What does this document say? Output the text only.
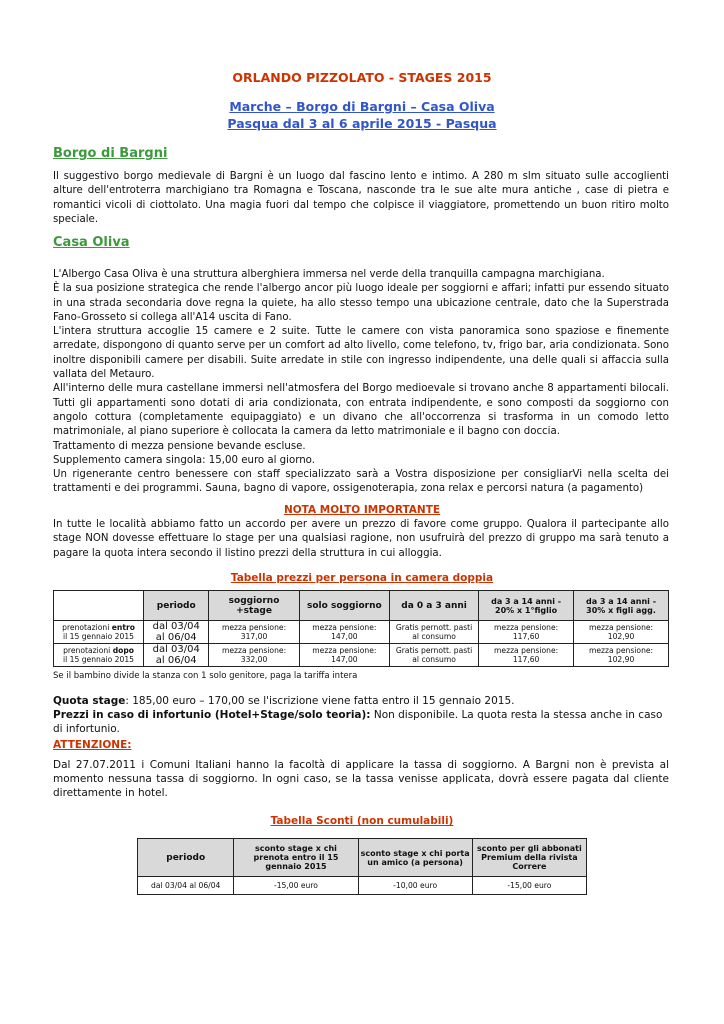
ORLANDO PIZZOLATO - STAGES 2015
Marche – Borgo di Bargni – Casa Oliva
Pasqua dal 3 al 6 aprile 2015 - Pasqua
Borgo di Bargni

Il suggestivo borgo medievale di Bargni è un luogo dal fascino lento e intimo. A 280 m slm situato sulle accoglienti alture dell'entroterra marchigiano tra Romagna e Toscana, nasconde tra le sue alte mura antiche , case di pietra e romantici vicoli di ciottolato. Una magia fuori dal tempo che colpisce il viaggiatore, promettendo un buon ritiro molto speciale.

Casa Oliva

L'Albergo Casa Oliva è una struttura alberghiera immersa nel verde della tranquilla campagna marchigiana.

È la sua posizione strategica che rende l'albergo ancor più luogo ideale per soggiorni e affari; infatti pur essendo situato in una strada secondaria dove regna la quiete, ha allo stesso tempo una ubicazione centrale, dato che la Superstrada Fano-Grosseto si collega all'A14 uscita di Fano.

L'intera struttura accoglie 15 camere e 2 suite. Tutte le camere con vista panoramica sono spaziose e finemente arredate, dispongono di quanto serve per un comfort ad alto livello, come telefono, tv, frigo bar, aria condizionata. Sono inoltre disponibili camere per disabili. Suite arredate in stile con ingresso indipendente, una delle quali si affaccia sulla vallata del Metauro.

All'interno delle mura castellane immersi nell'atmosfera del Borgo medioevale si trovano anche 8 appartamenti bilocali. Tutti gli appartamenti sono dotati di aria condizionata, con entrata indipendente, e sono composti da soggiorno con angolo cottura (completamente equipaggiato) e un divano che all'occorrenza si trasforma in un comodo letto matrimoniale, al piano superiore è collocata la camera da letto matrimoniale e il bagno con doccia.

Trattamento di mezza pensione bevande escluse.

Supplemento camera singola: 15,00 euro al giorno.

Un rigenerante centro benessere con staff specializzato sarà a Vostra disposizione per consigliarVi nella scelta dei trattamenti e dei programmi. Sauna, bagno di vapore, ossigenoterapia, zona relax e percorsi natura (a pagamento)

NOTA MOLTO IMPORTANTE

In tutte le località abbiamo fatto un accordo per avere un prezzo di favore come gruppo. Qualora il partecipante allo stage NON dovesse effettuare lo stage per una qualsiasi ragione, non usufruirà del prezzo di gruppo ma sarà tenuto a pagare la quota intera secondo il listino prezzi della struttura in cui alloggia.

Tabella prezzi per persona in camera doppia
	periodo	soggiorno +stage	solo soggiorno	da 0 a 3 anni	da 3 a 14 anni - 20% x 1°figlio	da 3 a 14 anni - 30% x figli agg.
prenotazioni entro
il 15 gennaio 2015	dal 03/04
al 06/04	mezza pensione: 317,00	mezza pensione: 147,00	Gratis pernott. pasti al consumo	mezza pensione: 117,60	mezza pensione: 102,90
prenotazioni dopo
il 15 gennaio 2015	dal 03/04
al 06/04	mezza pensione: 332,00	mezza pensione: 147,00	Gratis pernott. pasti al consumo	mezza pensione: 117,60	mezza pensione: 102,90
Se il bambino divide la stanza con 1 solo genitore, paga la tariffa intera
Quota stage: 185,00 euro – 170,00 se l'iscrizione viene fatta entro il 15 gennaio 2015.
Prezzi in caso di infortunio (Hotel+Stage/solo teoria): Non disponibile. La quota resta la stessa anche in caso di infortunio.
ATTENZIONE:

Dal 27.07.2011 i Comuni Italiani hanno la facoltà di applicare la tassa di soggiorno. A Bargni non è prevista al momento nessuna tassa di soggiorno. In ogni caso, se la tassa venisse applicata, dovrà essere pagata dal cliente direttamente in hotel.

Tabella Sconti (non cumulabili)
periodo	sconto stage x chi prenota entro il 15 gennaio 2015	sconto stage x chi porta un amico (a persona)	sconto per gli abbonati Premium della rivista Correre
dal 03/04 al 06/04	-15,00 euro	-10,00 euro	-15,00 euro
